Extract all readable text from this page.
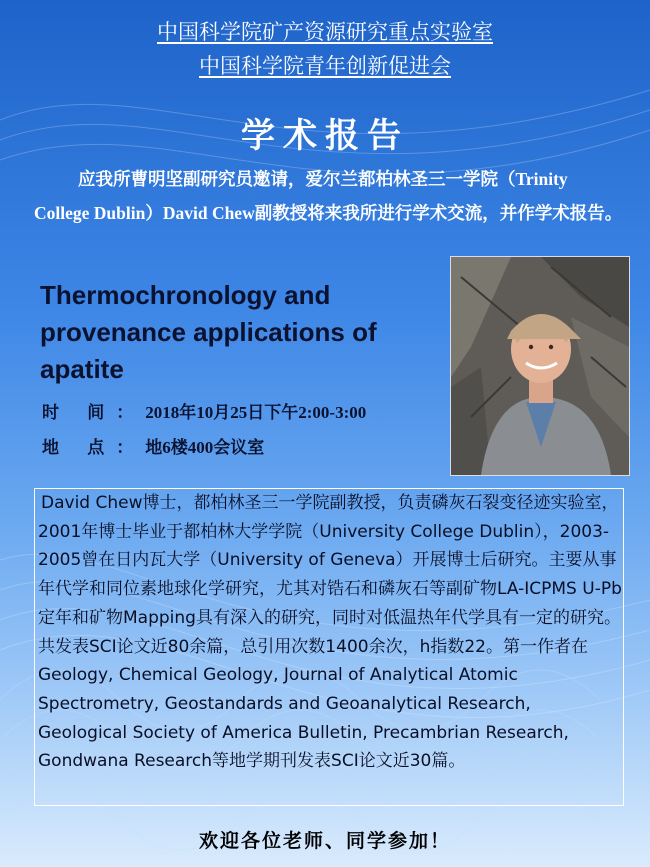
中国科学院矿产资源研究重点实验室
中国科学院青年创新促进会
学术报告
应我所曹明坚副研究员邀请，爱尔兰都柏林圣三一学院（Trinity College Dublin）David Chew副教授将来我所进行学术交流，并作学术报告。
Thermochronology and provenance applications of apatite
时 间：2018年10月25日下午2:00-3:00
地 点：地6楼400会议室

David Chew博士，都柏林圣三一学院副教授，负责磷灰石裂变径迹实验室，2001年博士毕业于都柏林大学学院（University College Dublin），2003-2005曾在日内瓦大学（University of Geneva）开展博士后研究。主要从事年代学和同位素地球化学研究，尤其对锆石和磷灰石等副矿物LA-ICPMS U-Pb定年和矿物Mapping具有深入的研究，同时对低温热年代学具有一定的研究。共发表SCI论文近80余篇，总引用次数1400余次，h指数22。第一作者在Geology, Chemical Geology, Journal of Analytical Atomic Spectrometry, Geostandards and Geoanalytical Research, Geological Society of America Bulletin, Precambrian Research, Gondwana Research等地学期刊发表SCI论文近30篇。

欢迎各位老师、同学参加！
